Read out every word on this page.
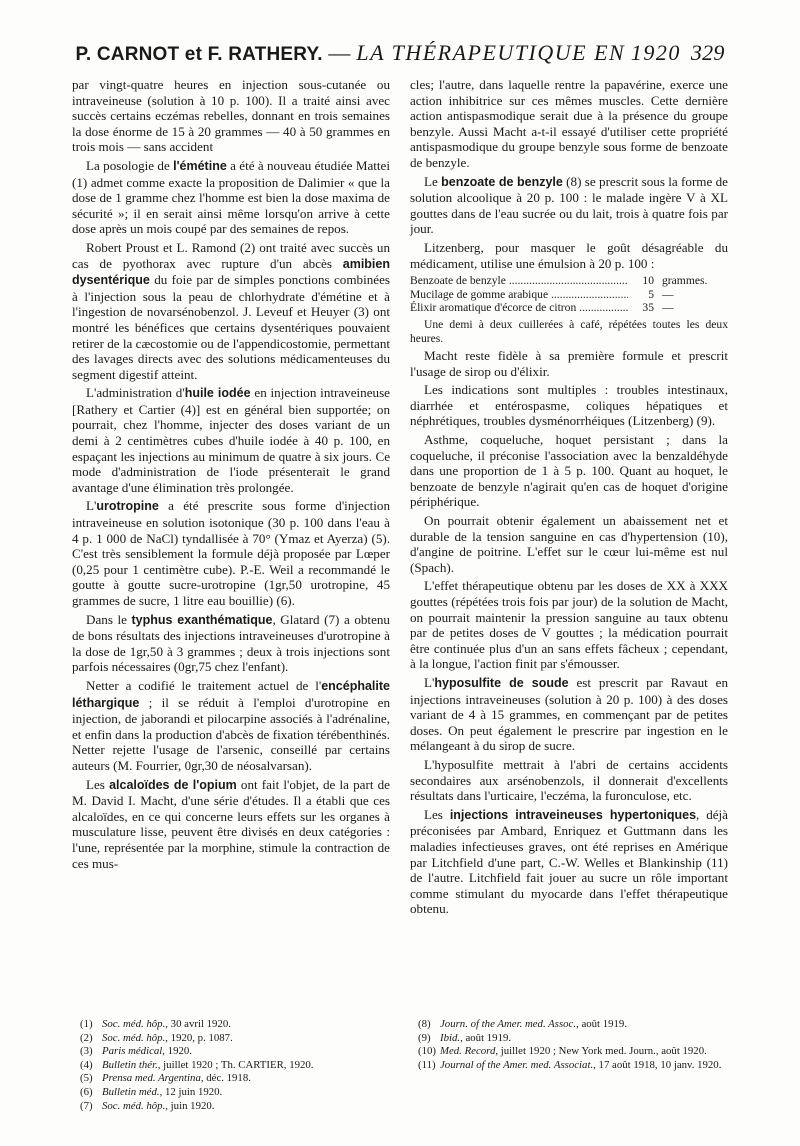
P. CARNOT et F. RATHERY. — LA THÉRAPEUTIQUE EN 1920 329

par vingt-quatre heures en injection sous-cutanée ou intraveineuse (solution à 10 p. 100). Il a traité ainsi avec succès certains eczémas rebelles, donnant en trois semaines la dose énorme de 15 à 20 grammes — 40 à 50 grammes en trois mois — sans accident

La posologie de l'émétine a été à nouveau étudiée Mattei (1) admet comme exacte la proposition de Dalimier « que la dose de 1 gramme chez l'homme est bien la dose maxima de sécurité »; il en serait ainsi même lorsqu'on arrive à cette dose après un mois coupé par des semaines de repos.

Robert Proust et L. Ramond (2) ont traité avec succès un cas de pyothorax avec rupture d'un abcès amibien dysentérique du foie par de simples ponctions combinées à l'injection sous la peau de chlorhydrate d'émétine et à l'ingestion de novarsénobenzol. J. Leveuf et Heuyer (3) ont montré les bénéfices que certains dysentériques pouvaient retirer de la cæcostomie ou de l'appendicostomie, permettant des lavages directs avec des solutions médicamenteuses du segment digestif atteint.

L'administration d'huile iodée en injection intraveineuse [Rathery et Cartier (4)] est en général bien supportée; on pourrait, chez l'homme, injecter des doses variant de un demi à 2 centimètres cubes d'huile iodée à 40 p. 100, en espaçant les injections au minimum de quatre à six jours. Ce mode d'administration de l'iode présenterait le grand avantage d'une élimination très prolongée.

L'urotropine a été prescrite sous forme d'injection intraveineuse en solution isotonique (30 p. 100 dans l'eau à 4 p. 1 000 de NaCl) tyndallisée à 70° (Ymaz et Ayerza) (5). C'est très sensiblement la formule déjà proposée par Lœper (0,25 pour 1 centimètre cube). P.-E. Weil a recommandé le goutte à goutte sucre-urotropine (1gr,50 urotropine, 45 grammes de sucre, 1 litre eau bouillie) (6).

Dans le typhus exanthématique, Glatard (7) a obtenu de bons résultats des injections intraveineuses d'urotropine à la dose de 1gr,50 à 3 grammes ; deux à trois injections sont parfois nécessaires (0gr,75 chez l'enfant).

Netter a codifié le traitement actuel de l'encéphalite léthargique ; il se réduit à l'emploi d'urotropine en injection, de jaborandi et pilocarpine associés à l'adrénaline, et enfin dans la production d'abcès de fixation térébenthinés. Netter rejette l'usage de l'arsenic, conseillé par certains auteurs (M. Fourrier, 0gr,30 de néosalvarsan).

Les alcaloïdes de l'opium ont fait l'objet, de la part de M. David I. Macht, d'une série d'études. Il a établi que ces alcaloïdes, en ce qui concerne leurs effets sur les organes à musculature lisse, peuvent être divisés en deux catégories : l'une, représentée par la morphine, stimule la contraction de ces mus-

cles; l'autre, dans laquelle rentre la papavérine, exerce une action inhibitrice sur ces mêmes muscles. Cette dernière action antispasmodique serait due à la présence du groupe benzyle. Aussi Macht a-t-il essayé d'utiliser cette propriété antispasmodique du groupe benzyle sous forme de benzoate de benzyle.

Le benzoate de benzyle (8) se prescrit sous la forme de solution alcoolique à 20 p. 100 : le malade ingère V à XL gouttes dans de l'eau sucrée ou du lait, trois à quatre fois par jour.

Litzenberg, pour masquer le goût désagréable du médicament, utilise une émulsion à 20 p. 100 :

Benzoate de benzyle .....	10 grammes.
Mucilage de gomme arabique .....	5 —
Élixir aromatique d'écorce de citron .....	35 —

Une demi à deux cuillerées à café, répétées toutes les deux heures.

Macht reste fidèle à sa première formule et prescrit l'usage de sirop ou d'élixir.

Les indications sont multiples : troubles intestinaux, diarrhée et entérospasme, coliques hépatiques et néphrétiques, troubles dysménorrhéiques (Litzenberg) (9).

Asthme, coqueluche, hoquet persistant ; dans la coqueluche, il préconise l'association avec la benzaldéhyde dans une proportion de 1 à 5 p. 100. Quant au hoquet, le benzoate de benzyle n'agirait qu'en cas de hoquet d'origine périphérique.

On pourrait obtenir également un abaissement net et durable de la tension sanguine en cas d'hypertension (10), d'angine de poitrine. L'effet sur le cœur lui-même est nul (Spach).

L'effet thérapeutique obtenu par les doses de XX à XXX gouttes (répétées trois fois par jour) de la solution de Macht, on pourrait maintenir la pression sanguine au taux obtenu par de petites doses de V gouttes ; la médication pourrait être continuée plus d'un an sans effets fâcheux ; cependant, à la longue, l'action finit par s'émousser.

L'hyposulfite de soude est prescrit par Ravaut en injections intraveineuses (solution à 20 p. 100) à des doses variant de 4 à 15 grammes, en commençant par de petites doses. On peut également le prescrire par ingestion en le mélangeant à du sirop de sucre.

L'hyposulfite mettrait à l'abri de certains accidents secondaires aux arsénobenzols, il donnerait d'excellents résultats dans l'urticaire, l'eczéma, la furonculose, etc.

Les injections intraveineuses hypertoniques, déjà préconisées par Ambard, Enriquez et Guttmann dans les maladies infectieuses graves, ont été reprises en Amérique par Litchfield d'une part, C.-W. Welles et Blankinship (11) de l'autre. Litchfield fait jouer au sucre un rôle important comme stimulant du myocarde dans l'effet thérapeutique obtenu.

(1) Soc. méd. hôp., 30 avril 1920.

(2) Soc. méd. hôp., 1920, p. 1087.

(3) Paris médical, 1920.

(4) Bulletin thér., juillet 1920 ; Th. CARTIER, 1920.

(5) Prensa med. Argentina, déc. 1918.

(6) Bulletin méd., 12 juin 1920.

(7) Soc. méd. hôp., juin 1920.

(8) Journ. of the Amer. med. Assoc., août 1919.

(9) Ibid., août 1919.

(10) Med. Record, juillet 1920 ; New York med. Journ., août 1920.

(11) Journal of the Amer. med. Associat., 17 août 1918, 10 janv. 1920.
